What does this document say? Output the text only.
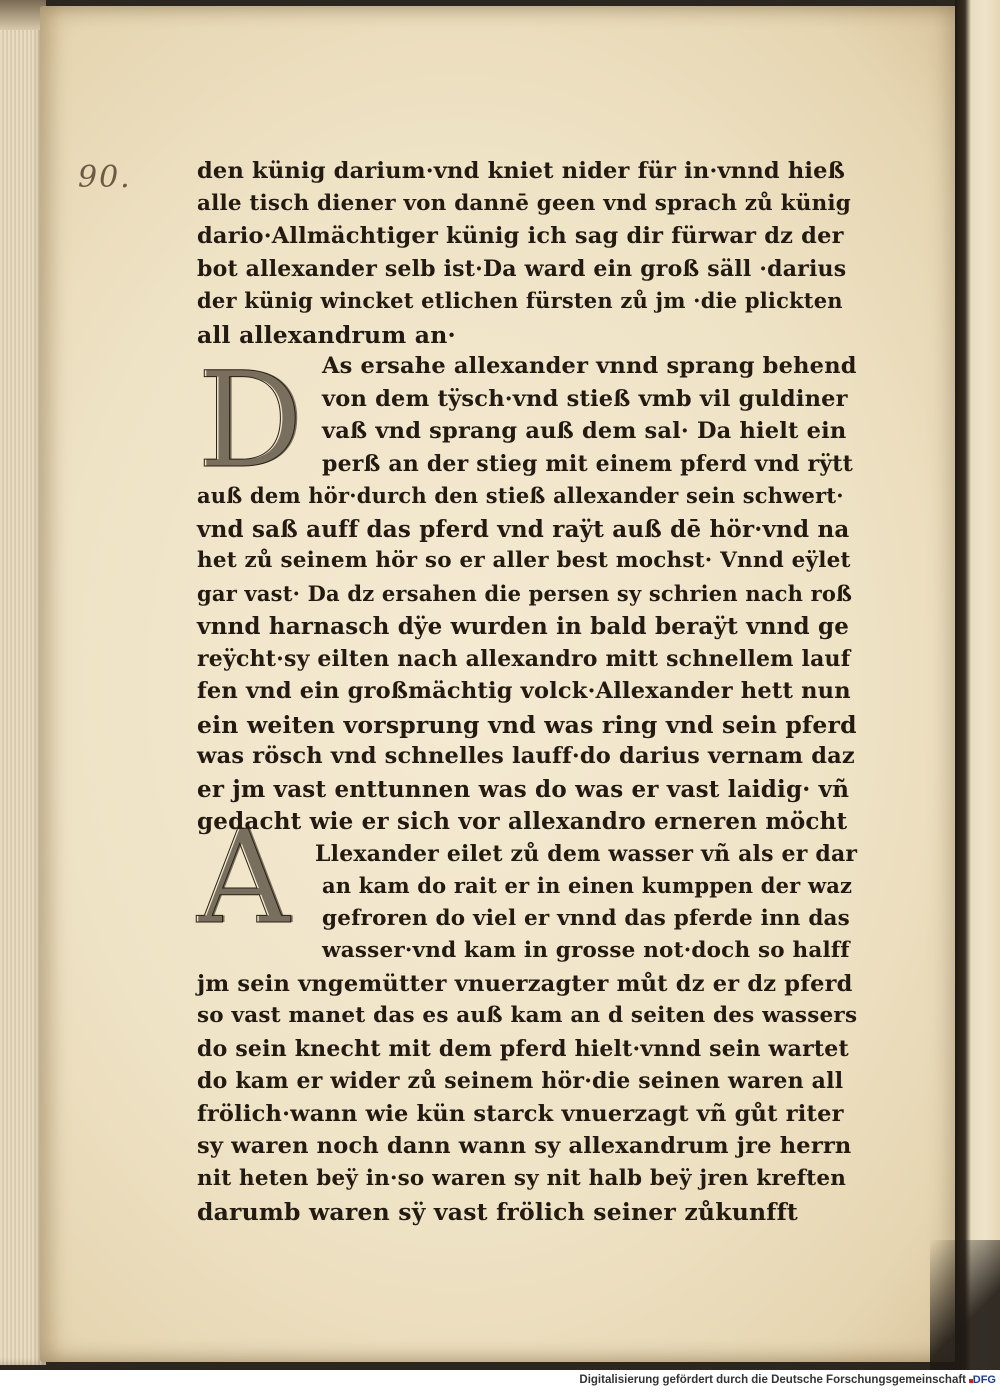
90.
D
A
den künig darium·vnd kniet nider für in·vnnd hieß
alle tisch diener von dannē geen vnd sprach zů künig
dario·Allmächtiger künig ich sag dir fürwar dz der
bot allexander selb ist·Da ward ein groß säll ·darius
der künig wincket etlichen fürsten zů jm ·die plickten
all allexandrum an·
As ersahe allexander vnnd sprang behend
von dem tÿsch·vnd stieß vmb vil guldiner
vaß vnd sprang auß dem sal· Da hielt ein
perß an der stieg mit einem pferd vnd rÿtt
auß dem hör·durch den stieß allexander sein schwert·
vnd saß auff das pferd vnd raÿt auß dē hör·vnd na
het zů seinem hör so er aller best mochst· Vnnd eÿlet
gar vast· Da dz ersahen die persen sy schrien nach roß
vnnd harnasch dÿe wurden in bald beraÿt vnnd ge
reÿcht·sy eilten nach allexandro mitt schnellem lauf
fen vnd ein großmächtig volck·Allexander hett nun
ein weiten vorsprung vnd was ring vnd sein pferd
was rösch vnd schnelles lauff·do darius vernam daz
er jm vast enttunnen was do was er vast laidig· vñ
gedacht wie er sich vor allexandro erneren möcht
Llexander eilet zů dem wasser vñ als er dar
an kam do rait er in einen kumppen der waz
gefroren do viel er vnnd das pferde inn das
wasser·vnd kam in grosse not·doch so halff
jm sein vngemütter vnuerzagter můt dz er dz pferd
so vast manet das es auß kam an d seiten des wassers
do sein knecht mit dem pferd hielt·vnnd sein wartet
do kam er wider zů seinem hör·die seinen waren all
frölich·wann wie kün starck vnuerzagt vñ gůt riter
sy waren noch dann wann sy allexandrum jre herrn
nit heten beÿ in·so waren sy nit halb beÿ jren kreften
darumb waren sÿ vast frölich seiner zůkunfft
Digitalisierung gefördert durch die Deutsche Forschungsgemeinschaft DFG
